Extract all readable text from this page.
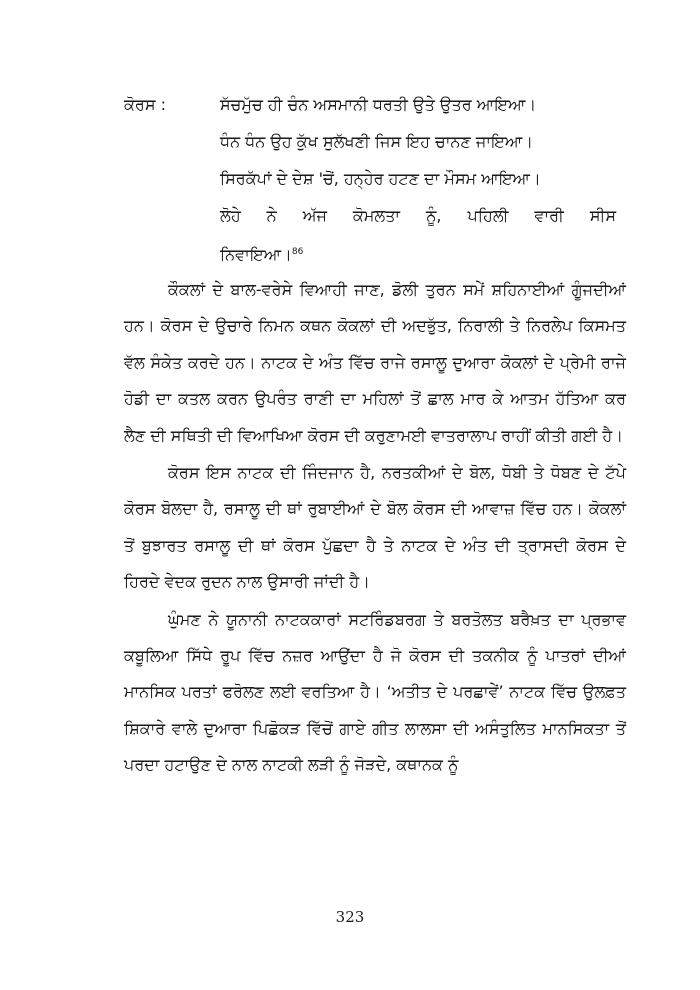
ਕੋਰਸ :	ਸੱਚਮੁੱਚ ਹੀ ਚੰਨ ਅਸਮਾਨੀ ਧਰਤੀ ਉਤੇ ਉਤਰ ਆਇਆ।
ਧੰਨ ਧੰਨ ਉਹ ਕੁੱਖ ਸੁਲੱਖਣੀ ਜਿਸ ਇਹ ਚਾਨਣ ਜਾਇਆ।
ਸਿਰਕੱਪਾਂ ਦੇ ਦੇਸ਼ 'ਚੋਂ, ਹਨ੍ਹੇਰ ਹਟਣ ਦਾ ਮੌਸਮ ਆਇਆ।
ਲੋਹੇ ਨੇ ਅੱਜ ਕੋਮਲਤਾ ਨੂੰ, ਪਹਿਲੀ ਵਾਰੀ ਸੀਸ
ਨਿਵਾਇਆ।$^{86}$

ਕੌਕਲਾਂ ਦੇ ਬਾਲ-ਵਰੇਸੇ ਵਿਆਹੀ ਜਾਣ, ਡੋਲੀ ਤੁਰਨ ਸਮੇਂ ਸ਼ਹਿਨਾਈਆਂ ਗੂੰਜਦੀਆਂ ਹਨ। ਕੋਰਸ ਦੇ ਉਚਾਰੇ ਨਿਮਨ ਕਥਨ ਕੋਕਲਾਂ ਦੀ ਅਦਭੁੱਤ, ਨਿਰਾਲੀ ਤੇ ਨਿਰਲੇਪ ਕਿਸਮਤ ਵੱਲ ਸੰਕੇਤ ਕਰਦੇ ਹਨ। ਨਾਟਕ ਦੇ ਅੰਤ ਵਿੱਚ ਰਾਜੇ ਰਸਾਲੂ ਦੁਆਰਾ ਕੋਕਲਾਂ ਦੇ ਪ੍ਰੇਮੀ ਰਾਜੇ ਹੋਡੀ ਦਾ ਕਤਲ ਕਰਨ ਉਪਰੰਤ ਰਾਣੀ ਦਾ ਮਹਿਲਾਂ ਤੋਂ ਛਾਲ ਮਾਰ ਕੇ ਆਤਮ ਹੱਤਿਆ ਕਰ ਲੈਣ ਦੀ ਸਥਿਤੀ ਦੀ ਵਿਆਖਿਆ ਕੋਰਸ ਦੀ ਕਰੁਣਾਮਈ ਵਾਤਰਾਲਾਪ ਰਾਹੀਂ ਕੀਤੀ ਗਈ ਹੈ।

ਕੋਰਸ ਇਸ ਨਾਟਕ ਦੀ ਜਿੰਦਜਾਨ ਹੈ, ਨਰਤਕੀਆਂ ਦੇ ਬੋਲ, ਧੋਬੀ ਤੇ ਧੋਬਣ ਦੇ ਟੱਪੇ ਕੋਰਸ ਬੋਲਦਾ ਹੈ, ਰਸਾਲੂ ਦੀ ਥਾਂ ਰੁਬਾਈਆਂ ਦੇ ਬੋਲ ਕੋਰਸ ਦੀ ਆਵਾਜ਼ ਵਿੱਚ ਹਨ। ਕੋਕਲਾਂ ਤੋਂ ਬੁਝਾਰਤ ਰਸਾਲੂ ਦੀ ਥਾਂ ਕੋਰਸ ਪੁੱਛਦਾ ਹੈ ਤੇ ਨਾਟਕ ਦੇ ਅੰਤ ਦੀ ਤ੍ਰਾਸਦੀ ਕੋਰਸ ਦੇ ਹਿਰਦੇ ਵੇਦਕ ਰੁਦਨ ਨਾਲ ਉਸਾਰੀ ਜਾਂਦੀ ਹੈ।

ਘੁੰਮਣ ਨੇ ਯੂਨਾਨੀ ਨਾਟਕਕਾਰਾਂ ਸਟਰਿੰਡਬਰਗ ਤੇ ਬਰਤੋਲਤ ਬਰੈਖ਼ਤ ਦਾ ਪ੍ਰਭਾਵ ਕਬੂਲਿਆ ਸਿੱਧੇ ਰੂਪ ਵਿੱਚ ਨਜ਼ਰ ਆਉਂਦਾ ਹੈ ਜੋ ਕੋਰਸ ਦੀ ਤਕਨੀਕ ਨੂੰ ਪਾਤਰਾਂ ਦੀਆਂ ਮਾਨਸਿਕ ਪਰਤਾਂ ਫਰੋਲਣ ਲਈ ਵਰਤਿਆ ਹੈ। ‘ਅਤੀਤ ਦੇ ਪਰਛਾਵੇਂ’ ਨਾਟਕ ਵਿੱਚ ਉਲਫ਼ਤ ਸ਼ਿਕਾਰੇ ਵਾਲੇ ਦੁਆਰਾ ਪਿਛੋਕੜ ਵਿੱਚੋਂ ਗਾਏ ਗੀਤ ਲਾਲਸਾ ਦੀ ਅਸੰਤੁਲਿਤ ਮਾਨਸਿਕਤਾ ਤੋਂ ਪਰਦਾ ਹਟਾਉਣ ਦੇ ਨਾਲ ਨਾਟਕੀ ਲੜੀ ਨੂੰ ਜੋੜਦੇ, ਕਥਾਨਕ ਨੂੰ

323
